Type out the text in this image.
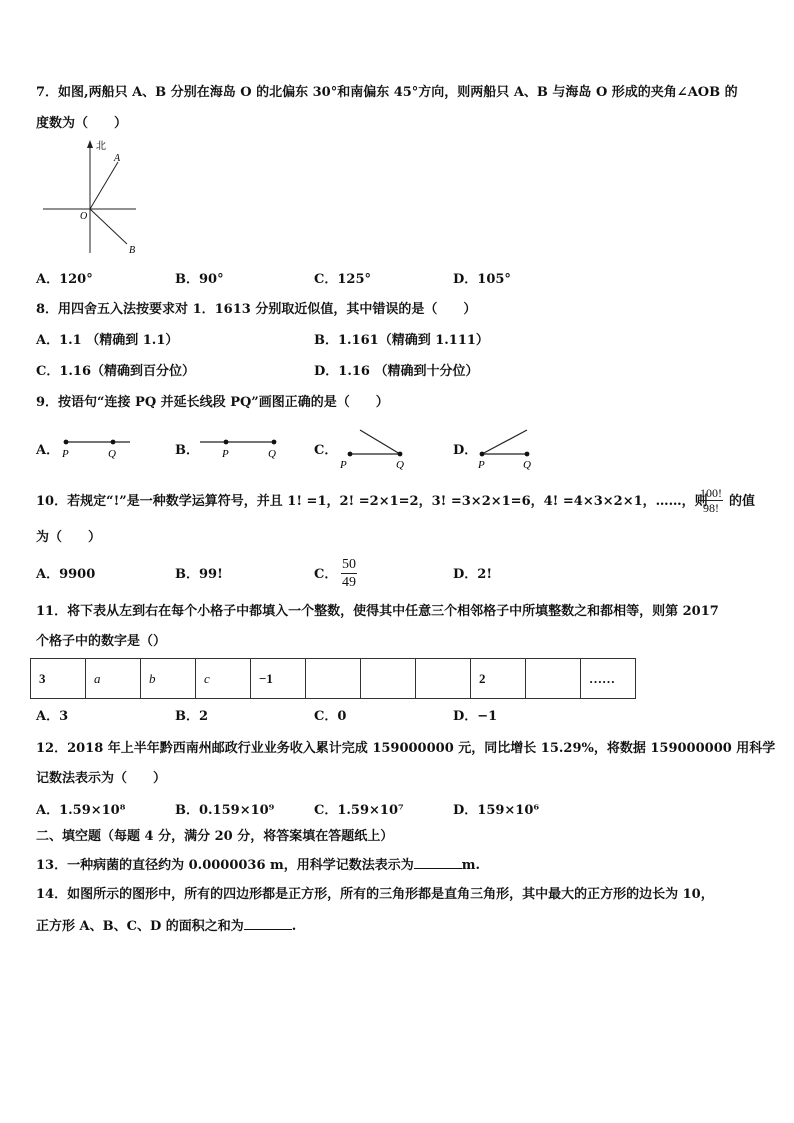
7．如图,两船只 A、B 分别在海岛 O 的北偏东 30°和南偏东 45°方向，则两船只 A、B 与海岛 O 形成的夹角∠AOB 的
度数为（　　）
北
A
O
B
A．120°	B．90°	C．125°	D．105°
8．用四舍五入法按要求对 1．1613 分别取近似值，其中错误的是（　　）
A．1.1 （精确到 1.1）	B．1.161（精确到 1.111）
C．1.16（精确到百分位）	D．1.16 （精确到十分位）
9．按语句“连接 PQ 并延长线段 PQ”画图正确的是（　　）
A． P	Q	B． P	Q	C．
P	Q
D．
P	Q
10．若规定“!”是一种数学运算符号，并且 1! =1，2! =2×1=2，3! =3×2×1=6，4! =4×3×2×1，……，则
$\frac{100!}{98!}$ 的值
为（　　）
A．9900	B．99!	C． $\frac{50}{49}$	D．2!
11．将下表从左到右在每个小格子中都填入一个整数，使得其中任意三个相邻格子中所填整数之和都相等，则第 2017
个格子中的数字是（）
3	a	b	c	−1				2		……
A．3	B．2	C．0	D．−1
12．2018 年上半年黔西南州邮政行业业务收入累计完成 159000000 元，同比增长 15.29%，将数据 159000000 用科学
记数法表示为（　　）
A．1.59×10⁸	B．0.159×10⁹	C．1.59×10⁷	D．159×10⁶
二、填空题（每题 4 分，满分 20 分，将答案填在答题纸上）
13．一种病菌的直径约为 0.0000036 m，用科学记数法表示为	m.
14．如图所示的图形中，所有的四边形都是正方形，所有的三角形都是直角三角形，其中最大的正方形的边长为 10，
正方形 A、B、C、D 的面积之和为	.
